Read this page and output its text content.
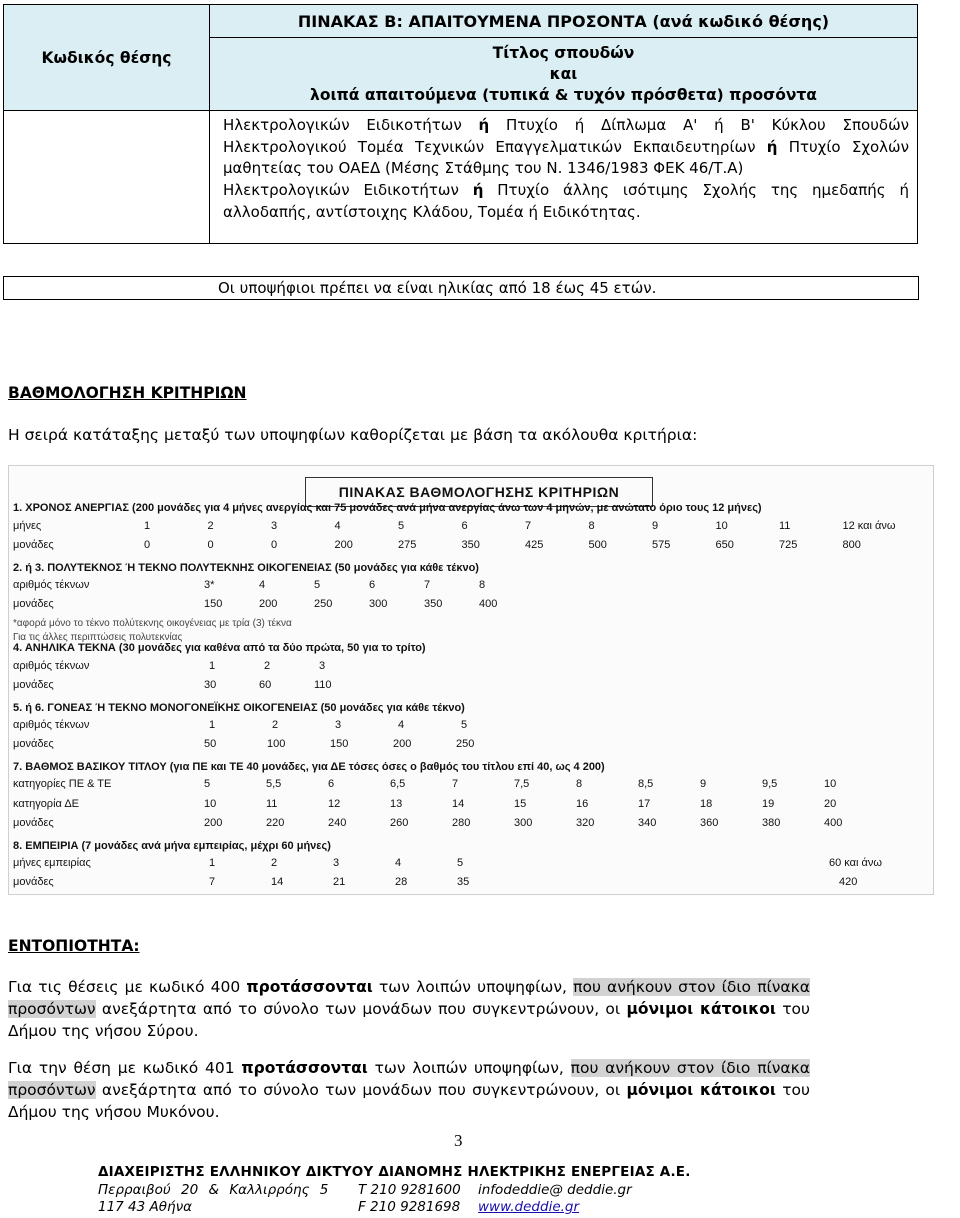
Κωδικός θέσης	ΠΙΝΑΚΑΣ Β: ΑΠΑΙΤΟΥΜΕΝΑ ΠΡΟΣΟΝΤΑ (ανά κωδικό θέσης)

	Τίτλος σπουδών
και
λοιπά απαιτούμενα (τυπικά & τυχόν πρόσθετα) προσόντα

	Ηλεκτρολογικών Ειδικοτήτων ή Πτυχίο ή Δίπλωμα Α' ή Β' Κύκλου Σπουδών Ηλεκτρολογικού Τομέα Τεχνικών Επαγγελματικών Εκπαιδευτηρίων ή Πτυχίο Σχολών μαθητείας του ΟΑΕΔ (Μέσης Στάθμης του Ν. 1346/1983 ΦΕΚ 46/Τ.Α)

Ηλεκτρολογικών Ειδικοτήτων ή Πτυχίο άλλης ισότιμης Σχολής της ημεδαπής ή αλλοδαπής, αντίστοιχης Κλάδου, Τομέα ή Ειδικότητας.

Οι υποψήφιοι πρέπει να είναι ηλικίας από 18 έως 45 ετών.
ΒΑΘΜΟΛΟΓΗΣΗ ΚΡΙΤΗΡΙΩΝ
Η σειρά κατάταξης μεταξύ των υποψηφίων καθορίζεται με βάση τα ακόλουθα κριτήρια:
ΠΙΝΑΚΑΣ ΒΑΘΜΟΛΟΓΗΣΗΣ ΚΡΙΤΗΡΙΩΝ
1. ΧΡΟΝΟΣ ΑΝΕΡΓΙΑΣ (200 μονάδες για 4 μήνες ανεργίας και 75 μονάδες ανά μήνα ανεργίας άνω των 4 μηνών, με ανώτατο όριο τους 12 μήνες)
μήνες	1	2	3	4	5	6	7	8	9	10	11	12 και άνω
μονάδες	0	0	0	200	275	350	425	500	575	650	725	800
2. ή 3. ΠΟΛΥΤΕΚΝΟΣ Ή ΤΕΚΝΟ ΠΟΛΥΤΕΚΝΗΣ ΟΙΚΟΓΕΝΕΙΑΣ (50 μονάδες για κάθε τέκνο)
αριθμός τέκνων	3*	4	5	6	7	8
μονάδες	150	200	250	300	350	400
*αφορά μόνο το τέκνο πολύτεκνης οικογένειας με τρία (3) τέκνα
Για τις άλλες περιπτώσεις πολυτεκνίας
4. ΑΝΗΛΙΚΑ ΤΕΚΝΑ (30 μονάδες για καθένα από τα δύο πρώτα, 50 για το τρίτο)
αριθμός τέκνων	1	2	3
μονάδες	30	60	110
5. ή 6. ΓΟΝΕΑΣ Ή ΤΕΚΝΟ ΜΟΝΟΓΟΝΕΪΚΗΣ ΟΙΚΟΓΕΝΕΙΑΣ (50 μονάδες για κάθε τέκνο)
αριθμός τέκνων	1	2	3	4	5
μονάδες	50	100	150	200	250
7. ΒΑΘΜΟΣ ΒΑΣΙΚΟΥ ΤΙΤΛΟΥ (για ΠΕ και ΤΕ 40 μονάδες, για ΔΕ τόσες όσες ο βαθμός του τίτλου επί 40, ως 4 200)
κατηγορίες ΠΕ & ΤΕ	5	5,5	6	6,5	7	7,5	8	8,5	9	9,5	10
κατηγορία ΔΕ	10	11	12	13	14	15	16	17	18	19	20
μονάδες	200	220	240	260	280	300	320	340	360	380	400
8. ΕΜΠΕΙΡΙΑ (7 μονάδες ανά μήνα εμπειρίας, μέχρι 60 μήνες)
μήνες εμπειρίας	1	2	3	4	5	60 και άνω
μονάδες	7	14	21	28	35	420
ΕΝΤΟΠΙΟΤΗΤΑ:
Για τις θέσεις με κωδικό 400 προτάσσονται των λοιπών υποψηφίων, που ανήκουν στον ίδιο πίνακα προσόντων ανεξάρτητα από το σύνολο των μονάδων που συγκεντρώνουν, οι μόνιμοι κάτοικοι του Δήμου της νήσου Σύρου.
Για την θέση με κωδικό 401 προτάσσονται των λοιπών υποψηφίων, που ανήκουν στον ίδιο πίνακα προσόντων ανεξάρτητα από το σύνολο των μονάδων που συγκεντρώνουν, οι μόνιμοι κάτοικοι του Δήμου της νήσου Μυκόνου.
3
ΔΙΑΧΕΙΡΙΣΤΗΣ ΕΛΛΗΝΙΚΟΥ ΔΙΚΤΥΟΥ ΔΙΑΝΟΜΗΣ ΗΛΕΚΤΡΙΚΗΣ ΕΝΕΡΓΕΙΑΣ Α.Ε.
Περραιβού 20 & Καλλιρρόης 5 T 210 9281600 infodeddie@ deddie.gr
117 43 Αθήνα	F 210 9281698 www.deddie.gr
